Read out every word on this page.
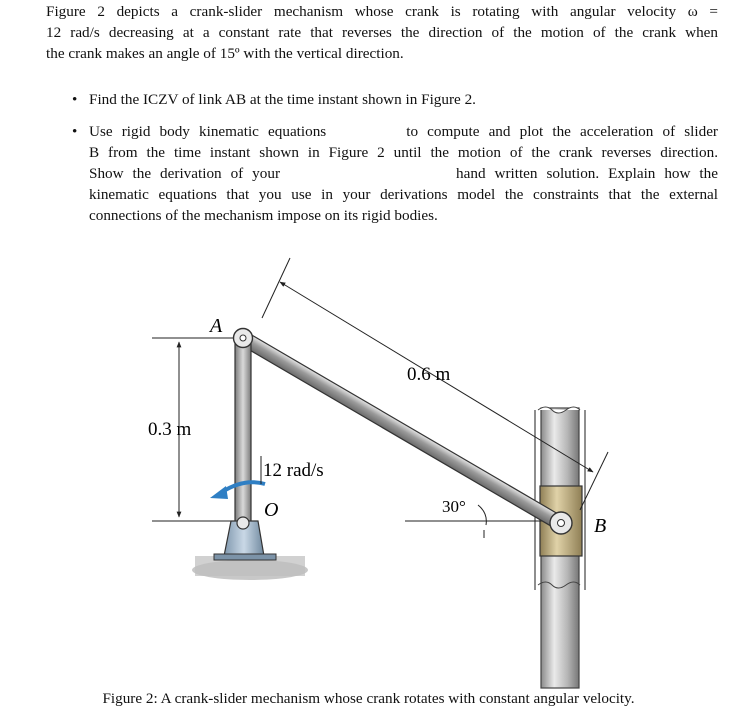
Figure 2 depicts a crank-slider mechanism whose crank is rotating with angular velocity ω =
12 rad/s decreasing at a constant rate that reverses the direction of the motion of the crank when
the crank makes an angle of 15º with the vertical direction.
• Find the ICZV of link AB at the time instant shown in Figure 2.
• Use rigid body kinematic equations	to compute and plot the acceleration of slider
B from the time instant shown in Figure 2 until the motion of the crank reverses direction.
Show the derivation of your	hand written solution. Explain how the
kinematic equations that you use in your derivations model the constraints that the external
connections of the mechanism impose on its rigid bodies.
A
B
O
0.3 m
0.6 m
12 rad/s
30°
Figure 2: A crank-slider mechanism whose crank rotates with constant angular velocity.
